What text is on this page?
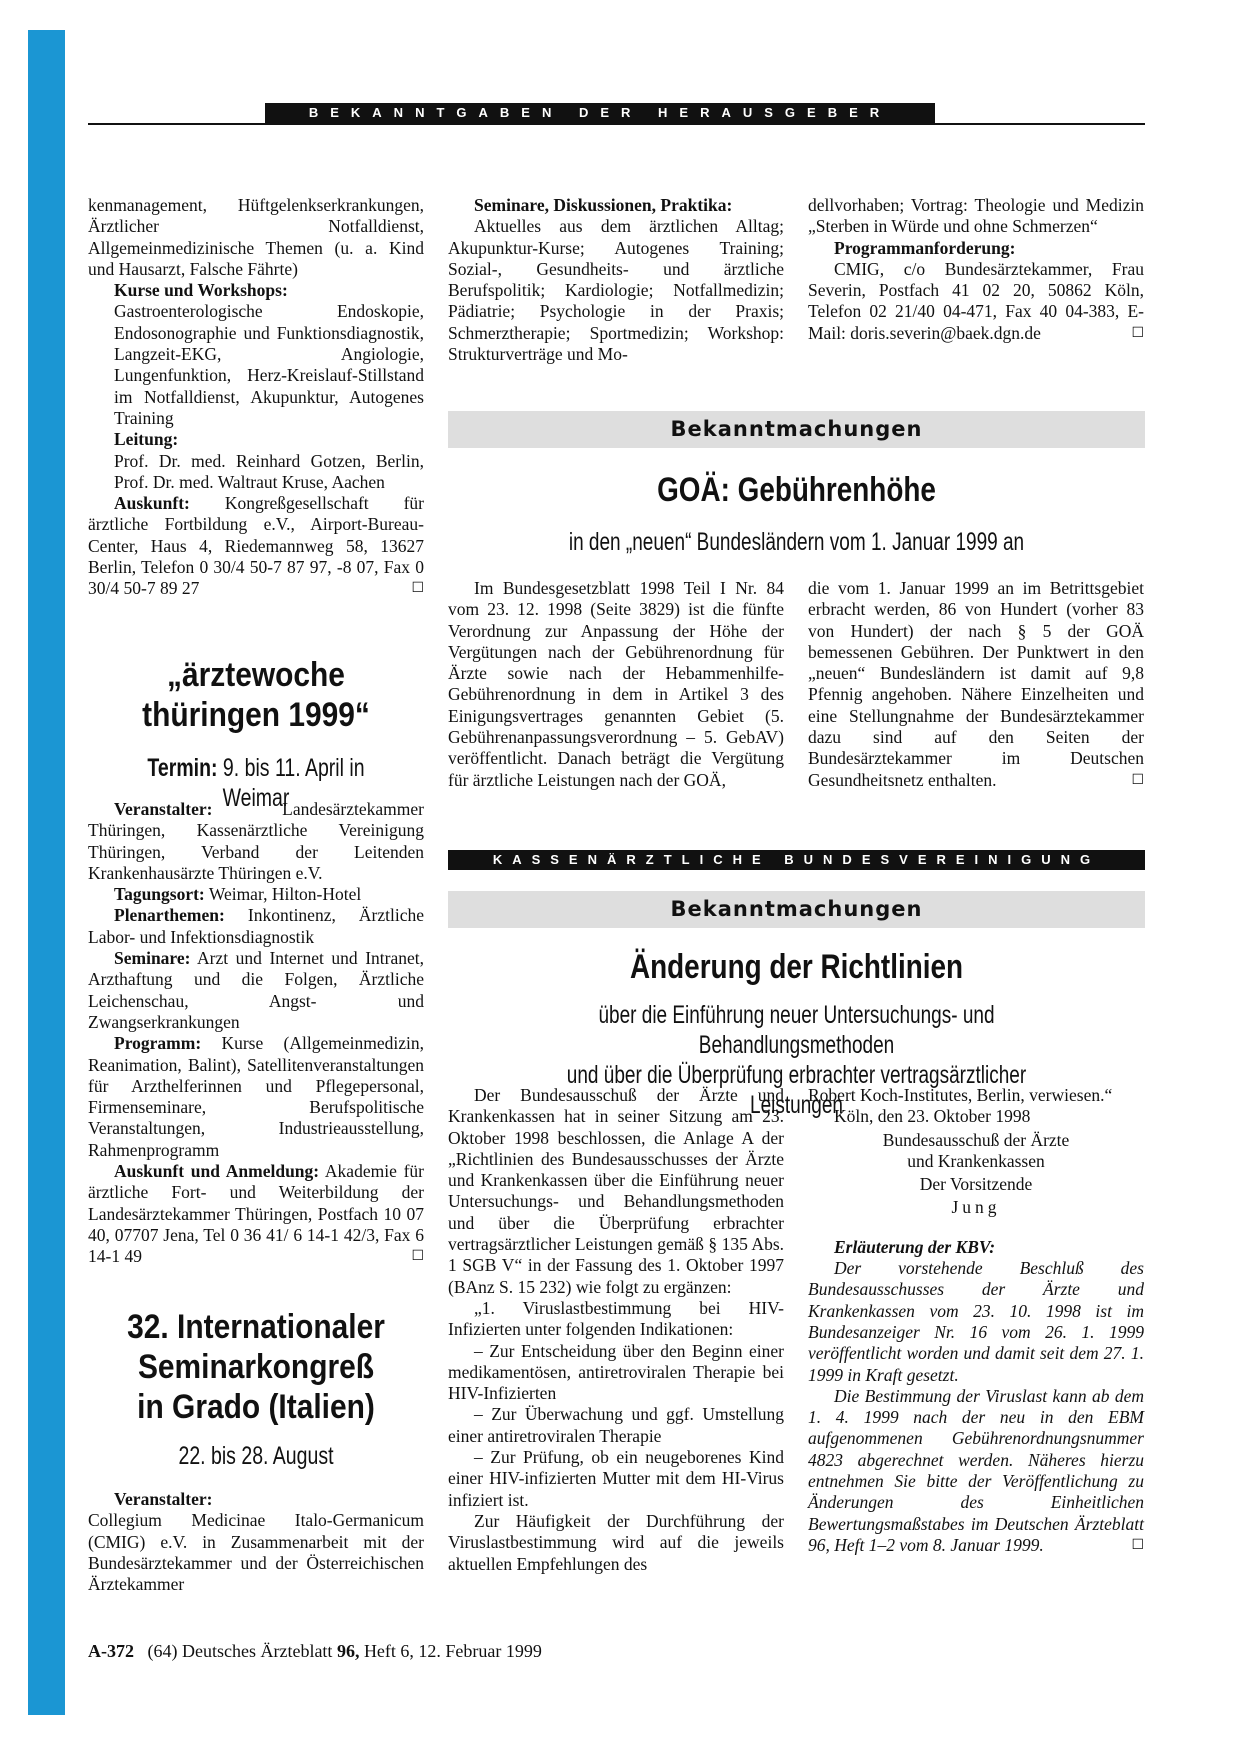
BEKANNTGABEN DER HERAUSGEBER

kenmanagement, Hüftgelenkserkrankungen, Ärztlicher Notfalldienst, Allgemeinmedizinische Themen (u. a. Kind und Hausarzt, Falsche Fährte)

Kurse und Workshops:

Gastroenterologische Endoskopie, Endosonographie und Funktionsdiagnostik, Langzeit-EKG, Angiologie, Lungenfunktion, Herz-Kreislauf-Stillstand im Notfalldienst, Akupunktur, Autogenes Training

Leitung:

Prof. Dr. med. Reinhard Gotzen, Berlin, Prof. Dr. med. Waltraut Kruse, Aachen

Auskunft: Kongreßgesellschaft für ärztliche Fortbildung e.V., Airport-Bureau-Center, Haus 4, Riedemannweg 58, 13627 Berlin, Telefon 0 30/4 50-7 87 97, -8 07, Fax 0 30/4 50-7 89 27	☐

„ärztewoche
thüringen 1999“
Termin: 9. bis 11. April in Weimar

Veranstalter:	Landesärztekammer Thüringen, Kassenärztliche Vereinigung Thüringen, Verband der Leitenden Krankenhausärzte Thüringen e.V.

Tagungsort: Weimar, Hilton-Hotel

Plenarthemen: Inkontinenz, Ärztliche Labor- und Infektionsdiagnostik

Seminare: Arzt und Internet und Intranet, Arzthaftung und die Folgen, Ärztliche Leichenschau, Angst- und Zwangserkrankungen

Programm: Kurse (Allgemeinmedizin, Reanimation, Balint), Satellitenveranstaltungen für Arzthelferinnen und Pflegepersonal, Firmenseminare, Berufspolitische Veranstaltungen, Industrieausstellung, Rahmenprogramm

Auskunft und Anmeldung: Akademie für ärztliche Fort- und Weiterbildung der Landesärztekammer Thüringen, Postfach 10 07 40, 07707 Jena, Tel 0 36 41/ 6 14-1 42/3, Fax 6 14-1 49	☐

32. Internationaler
Seminarkongreß
in Grado (Italien)
22. bis 28. August

Veranstalter:

Collegium Medicinae Italo-Germanicum (CMIG) e.V. in Zusammenarbeit mit der Bundesärztekammer und der Österreichischen Ärztekammer

Seminare, Diskussionen, Praktika:

Aktuelles aus dem ärztlichen Alltag; Akupunktur-Kurse; Autogenes Training; Sozial-, Gesundheits- und ärztliche Berufspolitik; Kardiologie; Notfallmedizin; Pädiatrie; Psychologie in der Praxis; Schmerztherapie; Sportmedizin; Workshop: Strukturverträge und Mo-

dellvorhaben; Vortrag: Theologie und Medizin „Sterben in Würde und ohne Schmerzen“

Programmanforderung:

CMIG, c/o Bundesärztekammer, Frau Severin, Postfach 41 02 20, 50862 Köln, Telefon 02 21/40 04-471, Fax 40 04-383, E-Mail: doris.severin@baek.dgn.de	☐

Bekanntmachungen
GOÄ: Gebührenhöhe
in den „neuen“ Bundesländern vom 1. Januar 1999 an

Im Bundesgesetzblatt 1998 Teil I Nr. 84 vom 23. 12. 1998 (Seite 3829) ist die fünfte Verordnung zur Anpassung der Höhe der Vergütungen nach der Gebührenordnung für Ärzte sowie nach der Hebammenhilfe-Gebührenordnung in dem in Artikel 3 des Einigungsvertrages genannten Gebiet (5. Gebührenanpassungsverordnung – 5. GebAV) veröffentlicht. Danach beträgt die Vergütung für ärztliche Leistungen nach der GOÄ,

die vom 1. Januar 1999 an im Betrittsgebiet erbracht werden, 86 von Hundert (vorher 83 von Hundert) der nach § 5 der GOÄ bemessenen Gebühren. Der Punktwert in den „neuen“ Bundesländern ist damit auf 9,8 Pfennig angehoben. Nähere Einzelheiten und eine Stellungnahme der Bundesärztekammer dazu sind auf den Seiten der Bundesärztekammer im Deutschen Gesundheitsnetz enthalten.	☐

KASSENÄRZTLICHE BUNDESVEREINIGUNG
Bekanntmachungen
Änderung der Richtlinien
über die Einführung neuer Untersuchungs- und Behandlungsmethoden
und über die Überprüfung erbrachter vertragsärztlicher Leistungen

Der Bundesausschuß der Ärzte und Krankenkassen hat in seiner Sitzung am 23. Oktober 1998 beschlossen, die Anlage A der „Richtlinien des Bundesausschusses der Ärzte und Krankenkassen über die Einführung neuer Untersuchungs- und Behandlungsmethoden und über die Überprüfung erbrachter vertragsärztlicher Leistungen gemäß § 135 Abs. 1 SGB V“ in der Fassung des 1. Oktober 1997 (BAnz S. 15 232) wie folgt zu ergänzen:

„1. Viruslastbestimmung bei HIV-Infizierten unter folgenden Indikationen:

– Zur Entscheidung über den Beginn einer medikamentösen, antiretroviralen Therapie bei HIV-Infizierten

– Zur Überwachung und ggf. Umstellung einer antiretroviralen Therapie

– Zur Prüfung, ob ein neugeborenes Kind einer HIV-infizierten Mutter mit dem HI-Virus infiziert ist.

Zur Häufigkeit der Durchführung der Viruslastbestimmung wird auf die jeweils aktuellen Empfehlungen des

Robert Koch-Institutes, Berlin, verwiesen.“

Köln, den 23. Oktober 1998

Bundesausschuß der Ärzte

und Krankenkassen

Der Vorsitzende

Jung

Erläuterung der KBV:

Der vorstehende Beschluß des Bundesausschusses der Ärzte und Krankenkassen vom 23. 10. 1998 ist im Bundesanzeiger Nr. 16 vom 26. 1. 1999 veröffentlicht worden und damit seit dem 27. 1. 1999 in Kraft gesetzt.

Die Bestimmung der Viruslast kann ab dem 1. 4. 1999 nach der neu in den EBM aufgenommenen Gebührenordnungsnummer 4823 abgerechnet werden. Näheres hierzu entnehmen Sie bitte der Veröffentlichung zu Änderungen des Einheitlichen Bewertungsmaßstabes im Deutschen Ärzteblatt 96, Heft 1–2 vom 8. Januar 1999.	☐

A-372 (64) Deutsches Ärzteblatt 96, Heft 6, 12. Februar 1999
